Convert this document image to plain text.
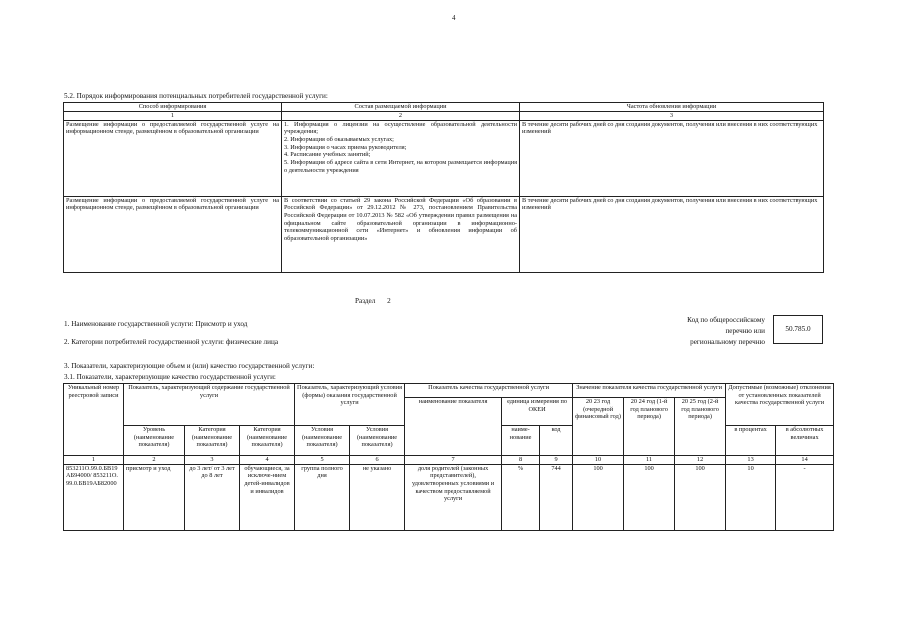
4
5.2. Порядок информирования потенциальных потребителей государственной услуги:
Способ информирования	Состав размещаемой информации	Частота обновления информации
1	2	3
Размещение информации о предоставляемой государственной услуге на информационном стенде, размещённом в образовательной организации	1. Информация о лицензии на осуществление образовательной деятельности учреждения;
2. Информация об оказываемых услугах;
3. Информация о часах приема руководителя;
4. Расписание учебных занятий;
5. Информация об адресе сайта в сети Интернет, на котором размещается информация о деятельности учреждения	В течение десяти рабочих дней со дня создания документов, получения или внесения в них соответствующих изменений
Размещение информации о предоставляемой государственной услуге на информационном стенде, размещённом в образовательной организации	В соответствии со статьей 29 закона Российской Федерации «Об образовании в Российской Федерации» от 29.12.2012 № 273, постановлением Правительства Российской Федерации от 10.07.2013 № 582 «Об утверждении правил размещения на официальном сайте образовательной организации в информационно-телекоммуникационной сети «Интернет» и обновления информации об образовательной организации»	В течение десяти рабочих дней со дня создания документов, получения или внесения в них соответствующих изменений
Раздел 2
1. Наименование государственной услуги: Присмотр и уход
2. Категории потребителей государственной услуги: физические лица
Код по общероссийскому
перечню или
региональному перечню
50.785.0
3. Показатели, характеризующие объем и (или) качество государственной услуги:
3.1. Показатели, характеризующие качество государственной услуги:
Уникальный номер реестровой записи	Показатель, характеризующий содержание государственной услуги			Показатель, характеризующий условия (формы) оказания государственной услуги		Показатель качества государственной услуги			Значение показателя качества государственной услуги			Допустимые (возможные) отклонения от установленных показателей качества государственной услуги	
						наименование показателя	единица измерения по ОКЕИ		20 23 год (очередной финансовый год)	20 24 год (1-й год планового периода)	20 25 год (2-й год планового периода)		
	Уровень (наименование показателя)	Категория (наименование показателя)	Категория (наименование показателя)	Условия (наименование показателя)	Условия (наименование показателя)		наиме-нование	код				в процентах	в абсолютных величинах
1	2	3	4	5	6	7	8	9	10	11	12	13	14
853211О.99.0.БВ19АБ94000/ 853211О.99.0.БВ19АБ82000	присмотр и уход	до 3 лет/ от 3 лет до 8 лет	обучающиеся, за исключе-нием детей-инвалидов и инвалидов	группа полного дня	не указано	доля родителей (законных представителей), удовлетворенных условиями и качеством предоставляемой услуги	%	744	100	100	100	10	-
